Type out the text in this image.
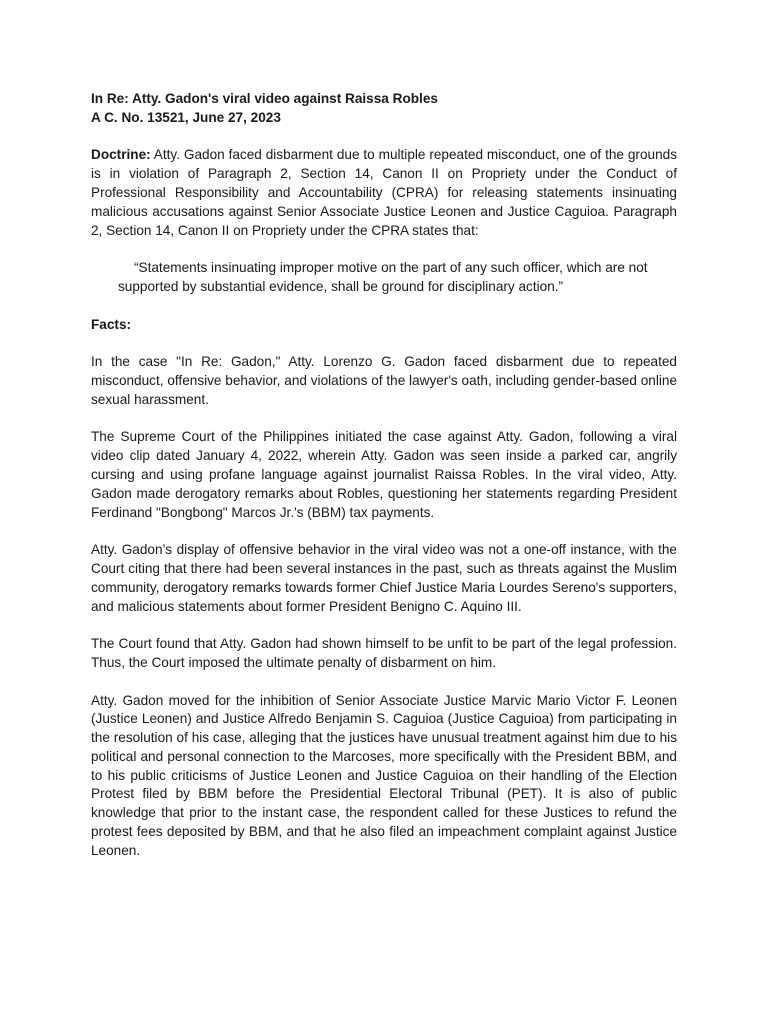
In Re: Atty. Gadon's viral video against Raissa Robles

A C. No. 13521, June 27, 2023

Doctrine: Atty. Gadon faced disbarment due to multiple repeated misconduct, one of the grounds is in violation of Paragraph 2, Section 14, Canon II on Propriety under the Conduct of Professional Responsibility and Accountability (CPRA) for releasing statements insinuating malicious accusations against Senior Associate Justice Leonen and Justice Caguioa. Paragraph 2, Section 14, Canon II on Propriety under the CPRA states that:

“Statements insinuating improper motive on the part of any such officer, which are not supported by substantial evidence, shall be ground for disciplinary action.”

Facts:

In the case "In Re: Gadon," Atty. Lorenzo G. Gadon faced disbarment due to repeated misconduct, offensive behavior, and violations of the lawyer's oath, including gender-based online sexual harassment.

The Supreme Court of the Philippines initiated the case against Atty. Gadon, following a viral video clip dated January 4, 2022, wherein Atty. Gadon was seen inside a parked car, angrily cursing and using profane language against journalist Raissa Robles. In the viral video, Atty. Gadon made derogatory remarks about Robles, questioning her statements regarding President Ferdinand "Bongbong" Marcos Jr.'s (BBM) tax payments.

Atty. Gadon’s display of offensive behavior in the viral video was not a one-off instance, with the Court citing that there had been several instances in the past, such as threats against the Muslim community, derogatory remarks towards former Chief Justice Maria Lourdes Sereno's supporters, and malicious statements about former President Benigno C. Aquino III.

The Court found that Atty. Gadon had shown himself to be unfit to be part of the legal profession. Thus, the Court imposed the ultimate penalty of disbarment on him.

Atty. Gadon moved for the inhibition of Senior Associate Justice Marvic Mario Victor F. Leonen (Justice Leonen) and Justice Alfredo Benjamin S. Caguioa (Justice Caguioa) from participating in the resolution of his case, alleging that the justices have unusual treatment against him due to his political and personal connection to the Marcoses, more specifically with the President BBM, and to his public criticisms of Justice Leonen and Justice Caguioa on their handling of the Election Protest filed by BBM before the Presidential Electoral Tribunal (PET). It is also of public knowledge that prior to the instant case, the respondent called for these Justices to refund the protest fees deposited by BBM, and that he also filed an impeachment complaint against Justice Leonen.
